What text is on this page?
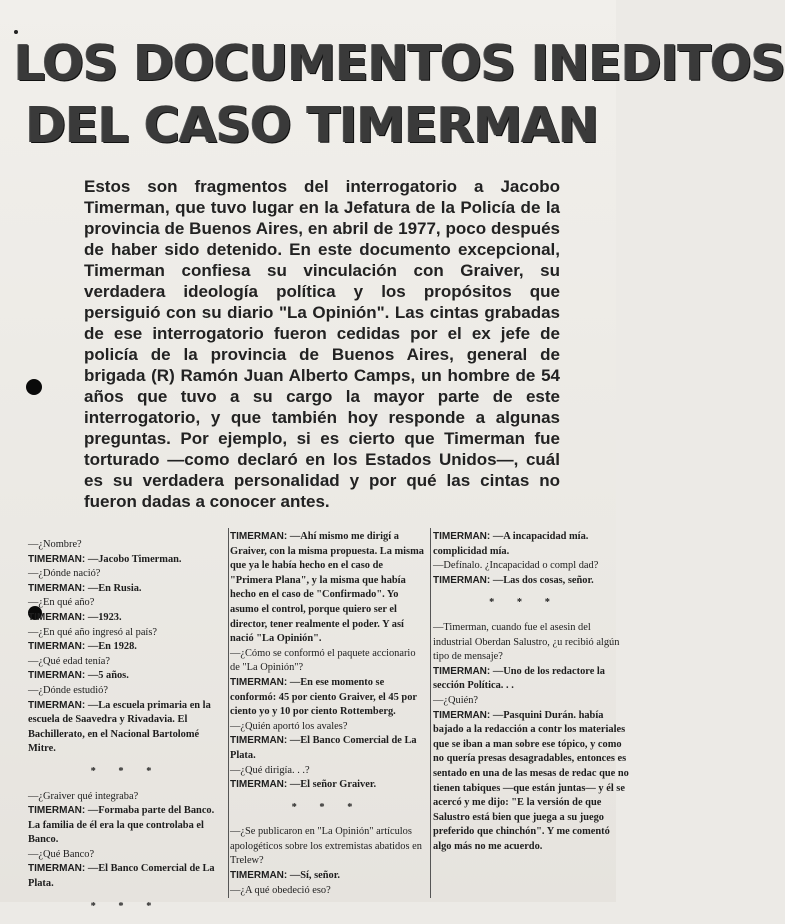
LOS DOCUMENTOS INEDITOS
DEL CASO TIMERMAN
Estos son fragmentos del interrogatorio a Jacobo Timerman, que tuvo lugar en la Jefatura de la Policía de la provincia de Buenos Aires, en abril de 1977, poco después de haber sido detenido. En este documento excepcional, Timerman confiesa su vinculación con Graiver, su verdadera ideología política y los propósitos que persiguió con su diario "La Opinión". Las cintas grabadas de ese interrogatorio fueron cedidas por el ex jefe de policía de la provincia de Buenos Aires, general de brigada (R) Ramón Juan Alberto Camps, un hombre de 54 años que tuvo a su cargo la mayor parte de este interrogatorio, y que también hoy responde a algunas preguntas. Por ejemplo, si es cierto que Timerman fue torturado —como declaró en los Estados Unidos—, cuál es su verdadera personalidad y por qué las cintas no fueron dadas a conocer antes.

—¿Nombre?

TIMERMAN: —Jacobo Timerman.

—¿Dónde nació?

TIMERMAN: —En Rusia.

—¿En qué año?

TIMERMAN: —1923.

—¿En qué año ingresó al país?

TIMERMAN: —En 1928.

—¿Qué edad tenía?

TIMERMAN: —5 años.

—¿Dónde estudió?

TIMERMAN: —La escuela primaria en la escuela de Saavedra y Rivadavia. El Bachillerato, en el Nacional Bartolomé Mitre.

* * *

—¿Graiver qué integraba?

TIMERMAN: —Formaba parte del Banco. La familia de él era la que controlaba el Banco.

—¿Qué Banco?

TIMERMAN: —El Banco Comercial de La Plata.

* * *

TIMERMAN: —Ahí mismo me dirigí a Graiver, con la misma propuesta. La misma que ya le había hecho en el caso de "Primera Plana", y la misma que había hecho en el caso de "Confirmado". Yo asumo el control, porque quiero ser el director, tener realmente el poder. Y así nació "La Opinión".

—¿Cómo se conformó el paquete accionario de "La Opinión"?

TIMERMAN: —En ese momento se conformó: 45 por ciento Graiver, el 45 por ciento yo y 10 por ciento Rottemberg.

—¿Quién aportó los avales?

TIMERMAN: —El Banco Comercial de La Plata.

—¿Qué dirigía. . .?

TIMERMAN: —El señor Graiver.

* * *

—¿Se publicaron en "La Opinión" artículos apologéticos sobre los extremistas abatidos en Trelew?

TIMERMAN: —Sí, señor.

—¿A qué obedeció eso?

TIMERMAN: —A incapacidad mía. complicidad mía.

—Defínalo. ¿Incapacidad o compl dad?

TIMERMAN: —Las dos cosas, señor.

* * *

—Timerman, cuando fue el asesin del industrial Oberdan Salustro, ¿u recibió algún tipo de mensaje?

TIMERMAN: —Uno de los redactore la sección Política. . .

—¿Quién?

TIMERMAN: —Pasquini Durán. había bajado a la redacción a contr los materiales que se iban a man sobre ese tópico, y como no quería presas desagradables, entonces es sentado en una de las mesas de redac que no tienen tabiques —que están juntas— y él se acercó y me dijo: "E la versión de que Salustro está bien que juega a su juego preferido que chinchón". Y me comentó algo más no me acuerdo.
